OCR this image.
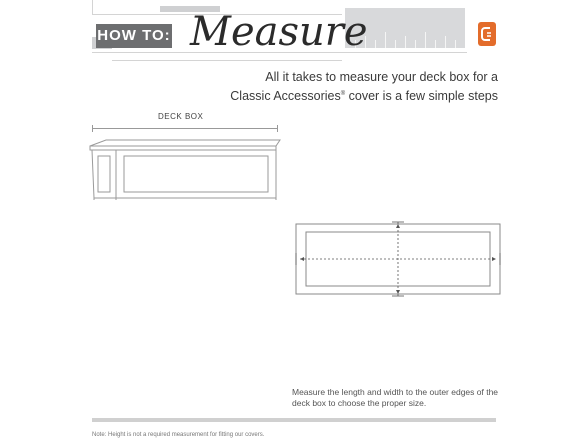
HOW TO: Measure
All it takes to measure your deck box for a
Classic Accessories® cover is a few simple steps
DECK BOX
Measure the length and width to the outer edges of the deck box to choose the proper size.
Note: Height is not a required measurement for fitting our covers.
